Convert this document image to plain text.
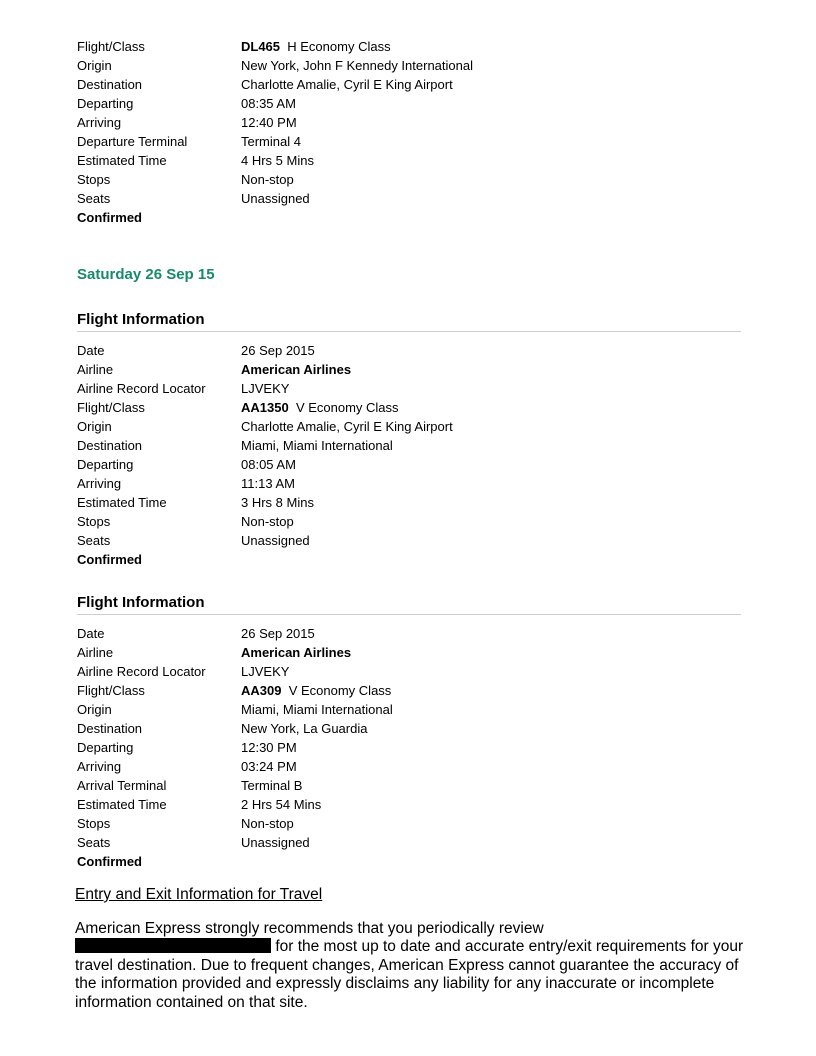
Flight/Class	DL465 H Economy Class
Origin	New York, John F Kennedy International
Destination	Charlotte Amalie, Cyril E King Airport
Departing	08:35 AM
Arriving	12:40 PM
Departure Terminal	Terminal 4
Estimated Time	4 Hrs 5 Mins
Stops	Non-stop
Seats	Unassigned
Confirmed
Saturday 26 Sep 15
Flight Information
Date	26 Sep 2015
Airline	American Airlines
Airline Record Locator	LJVEKY
Flight/Class	AA1350 V Economy Class
Origin	Charlotte Amalie, Cyril E King Airport
Destination	Miami, Miami International
Departing	08:05 AM
Arriving	11:13 AM
Estimated Time	3 Hrs 8 Mins
Stops	Non-stop
Seats	Unassigned
Confirmed
Flight Information
Date	26 Sep 2015
Airline	American Airlines
Airline Record Locator	LJVEKY
Flight/Class	AA309 V Economy Class
Origin	Miami, Miami International
Destination	New York, La Guardia
Departing	12:30 PM
Arriving	03:24 PM
Arrival Terminal	Terminal B
Estimated Time	2 Hrs 54 Mins
Stops	Non-stop
Seats	Unassigned
Confirmed
Entry and Exit Information for Travel
American Express strongly recommends that you periodically review
for the most up to date and accurate entry/exit requirements for your travel destination. Due to frequent changes, American Express cannot guarantee the accuracy of the information provided and expressly disclaims any liability for any inaccurate or incomplete information contained on that site.
